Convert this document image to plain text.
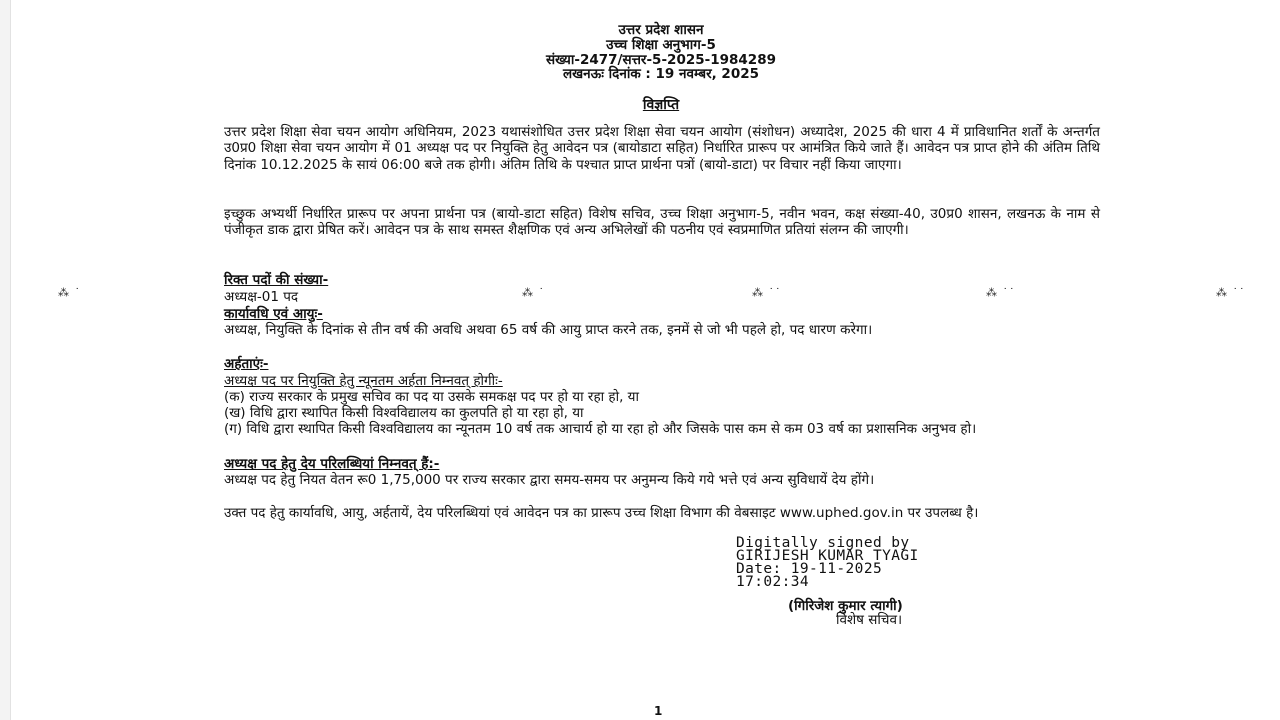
उत्तर प्रदेश शासन
उच्च शिक्षा अनुभाग-5
संख्या-2477/सत्तर-5-2025-1984289
लखनऊः दिनांक : 19 नवम्बर, 2025
विज्ञप्ति
उत्तर प्रदेश शिक्षा सेवा चयन आयोग अधिनियम, 2023 यथासंशोधित उत्तर प्रदेश शिक्षा सेवा चयन आयोग (संशोधन) अध्यादेश, 2025 की धारा 4 में प्राविधानित शर्तों के अन्तर्गत उ0प्र0 शिक्षा सेवा चयन आयोग में 01 अध्यक्ष पद पर नियुक्ति हेतु आवेदन पत्र (बायोडाटा सहित) निर्धारित प्रारूप पर आमंत्रित किये जाते हैं। आवेदन पत्र प्राप्त होने की अंतिम तिथि दिनांक 10.12.2025 के सायं 06:00 बजे तक होगी। अंतिम तिथि के पश्चात प्राप्त प्रार्थना पत्रों (बायो-डाटा) पर विचार नहीं किया जाएगा।
इच्छुक अभ्यर्थी निर्धारित प्रारूप पर अपना प्रार्थना पत्र (बायो-डाटा सहित) विशेष सचिव, उच्च शिक्षा अनुभाग-5, नवीन भवन, कक्ष संख्या-40, उ0प्र0 शासन, लखनऊ के नाम से पंजीकृत डाक द्वारा प्रेषित करें। आवेदन पत्र के साथ समस्त शैक्षणिक एवं अन्य अभिलेखों की पठनीय एवं स्वप्रमाणित प्रतियां संलग्न की जाएगी।
रिक्त पदों की संख्या-
अध्यक्ष-01 पद
कार्यावधि एवं आयुः-
अध्यक्ष, नियुक्ति के दिनांक से तीन वर्ष की अवधि अथवा 65 वर्ष की आयु प्राप्त करने तक, इनमें से जो भी पहले हो, पद धारण करेगा।
अर्हताएंः-
अध्यक्ष पद पर नियुक्ति हेतु न्यूनतम अर्हता निम्नवत् होगीः-
(क) राज्य सरकार के प्रमुख सचिव का पद या उसके समकक्ष पद पर हो या रहा हो, या
(ख) विधि द्वारा स्थापित किसी विश्वविद्यालय का कुलपति हो या रहा हो, या
(ग) विधि द्वारा स्थापित किसी विश्वविद्यालय का न्यूनतम 10 वर्ष तक आचार्य हो या रहा हो और जिसके पास कम से कम 03 वर्ष का प्रशासनिक अनुभव हो।
अध्यक्ष पद हेतु देय परिलब्धियां निम्नवत् हैं:-
अध्यक्ष पद हेतु नियत वेतन रू0 1,75,000 पर राज्य सरकार द्वारा समय-समय पर अनुमन्य किये गये भत्ते एवं अन्य सुविधायें देय होंगे।
उक्त पद हेतु कार्यावधि, आयु, अर्हतायें, देय परिलब्धियां एवं आवेदन पत्र का प्रारूप उच्च शिक्षा विभाग की वेबसाइट www.uphed.gov.in पर उपलब्ध है।
Digitally signed by
GIRIJESH KUMAR TYAGI
Date: 19-11-2025
17:02:34
(गिरिजेश कुमार त्यागी)
विशेष सचिव।
1
⁂ ˙	⁂ ˙	⁂ ˙˙	⁂ ˙˙	⁂ ˙˙
